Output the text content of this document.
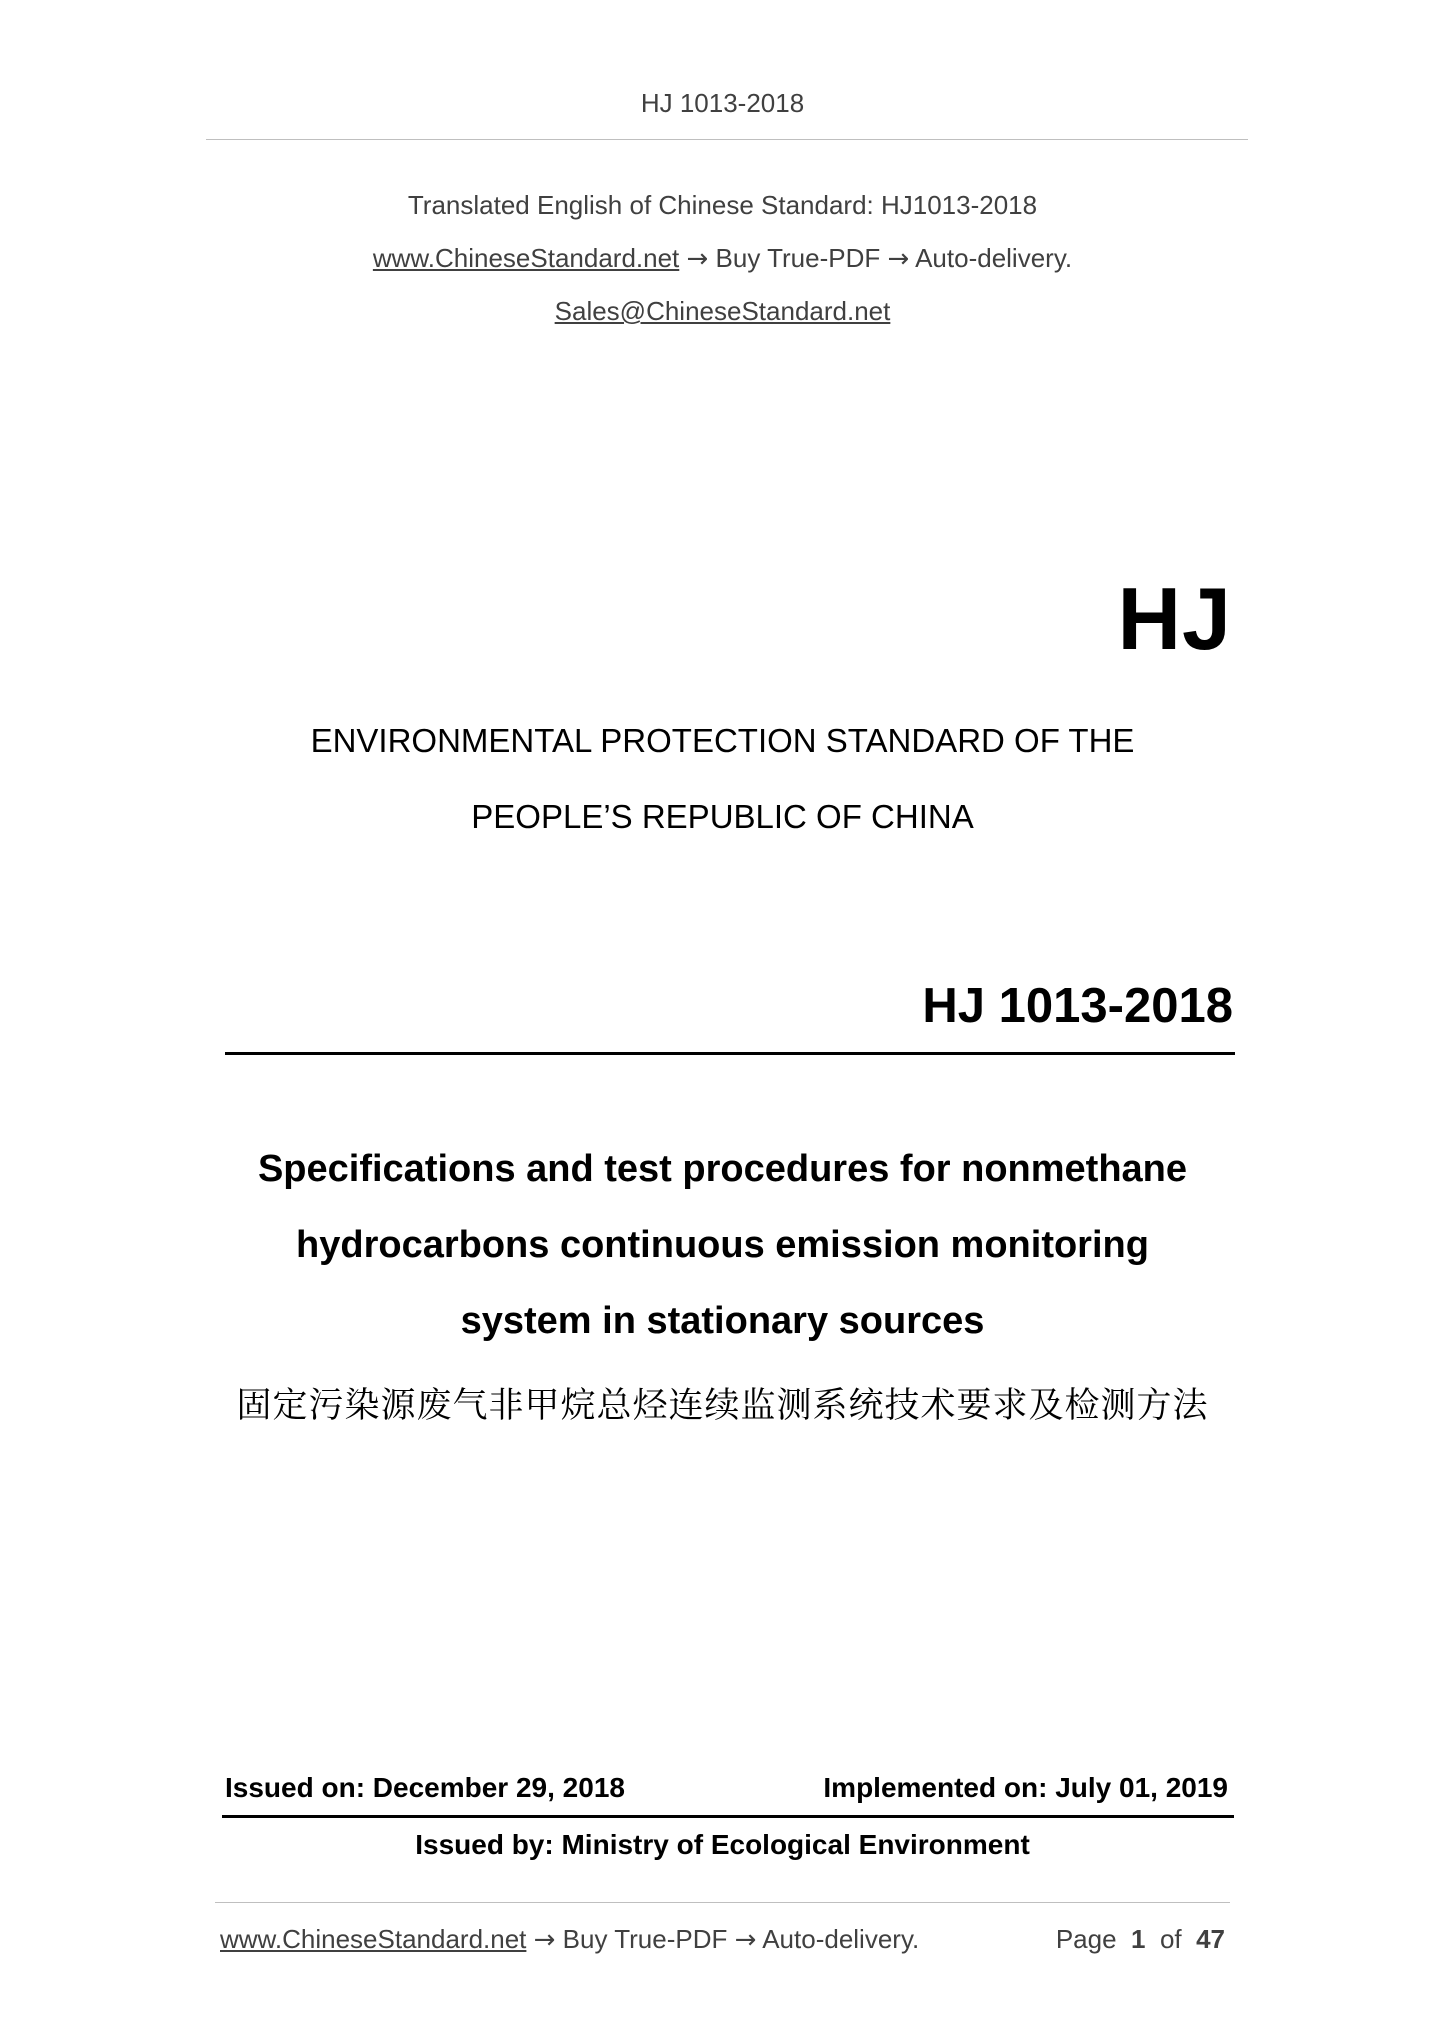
HJ 1013-2018
Translated English of Chinese Standard: HJ1013-2018
www.ChineseStandard.net → Buy True-PDF → Auto-delivery.
Sales@ChineseStandard.net
HJ
ENVIRONMENTAL PROTECTION STANDARD OF THE
PEOPLE’S REPUBLIC OF CHINA
HJ 1013-2018
Specifications and test procedures for nonmethane
hydrocarbons continuous emission monitoring
system in stationary sources
固定污染源废气非甲烷总烃连续监测系统技术要求及检测方法
Issued on: December 29, 2018	Implemented on: July 01, 2019
Issued by: Ministry of Ecological Environment
www.ChineseStandard.net → Buy True-PDF → Auto-delivery.	Page 1 of 47
